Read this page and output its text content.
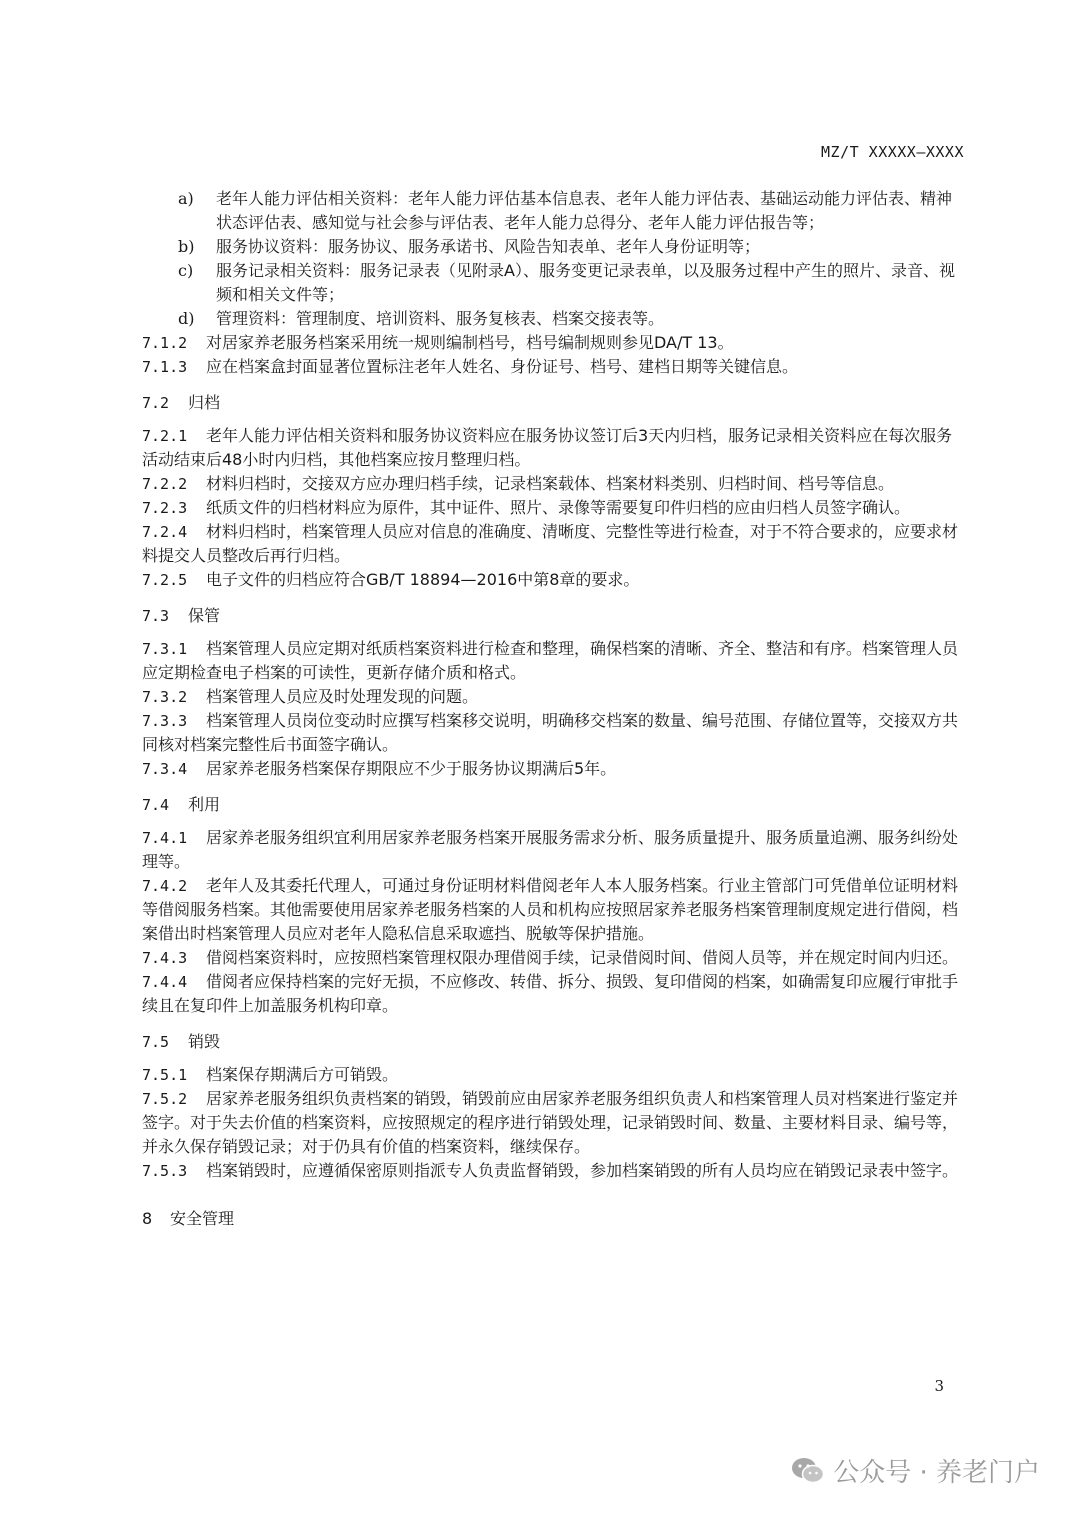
MZ/T XXXXX—XXXX
a) 老年人能力评估相关资料：老年人能力评估基本信息表、老年人能力评估表、基础运动能力评估表、精神状态评估表、感知觉与社会参与评估表、老年人能力总得分、老年人能力评估报告等；
b) 服务协议资料：服务协议、服务承诺书、风险告知表单、老年人身份证明等；
c) 服务记录相关资料：服务记录表（见附录A）、服务变更记录表单，以及服务过程中产生的照片、录音、视频和相关文件等；
d) 管理资料：管理制度、培训资料、服务复核表、档案交接表等。
7.1.2 对居家养老服务档案采用统一规则编制档号，档号编制规则参见DA/T 13。
7.1.3 应在档案盒封面显著位置标注老年人姓名、身份证号、档号、建档日期等关键信息。
7.2 归档
7.2.1 老年人能力评估相关资料和服务协议资料应在服务协议签订后3天内归档，服务记录相关资料应在每次服务活动结束后48小时内归档，其他档案应按月整理归档。
7.2.2 材料归档时，交接双方应办理归档手续，记录档案载体、档案材料类别、归档时间、档号等信息。
7.2.3 纸质文件的归档材料应为原件，其中证件、照片、录像等需要复印件归档的应由归档人员签字确认。
7.2.4 材料归档时，档案管理人员应对信息的准确度、清晰度、完整性等进行检查，对于不符合要求的，应要求材料提交人员整改后再行归档。
7.2.5 电子文件的归档应符合GB/T 18894—2016中第8章的要求。
7.3 保管
7.3.1 档案管理人员应定期对纸质档案资料进行检查和整理，确保档案的清晰、齐全、整洁和有序。档案管理人员应定期检查电子档案的可读性，更新存储介质和格式。
7.3.2 档案管理人员应及时处理发现的问题。
7.3.3 档案管理人员岗位变动时应撰写档案移交说明，明确移交档案的数量、编号范围、存储位置等，交接双方共同核对档案完整性后书面签字确认。
7.3.4 居家养老服务档案保存期限应不少于服务协议期满后5年。
7.4 利用
7.4.1 居家养老服务组织宜利用居家养老服务档案开展服务需求分析、服务质量提升、服务质量追溯、服务纠纷处理等。
7.4.2 老年人及其委托代理人，可通过身份证明材料借阅老年人本人服务档案。行业主管部门可凭借单位证明材料等借阅服务档案。其他需要使用居家养老服务档案的人员和机构应按照居家养老服务档案管理制度规定进行借阅，档案借出时档案管理人员应对老年人隐私信息采取遮挡、脱敏等保护措施。
7.4.3 借阅档案资料时，应按照档案管理权限办理借阅手续，记录借阅时间、借阅人员等，并在规定时间内归还。
7.4.4 借阅者应保持档案的完好无损，不应修改、转借、拆分、损毁、复印借阅的档案，如确需复印应履行审批手续且在复印件上加盖服务机构印章。
7.5 销毁
7.5.1 档案保存期满后方可销毁。
7.5.2 居家养老服务组织负责档案的销毁，销毁前应由居家养老服务组织负责人和档案管理人员对档案进行鉴定并签字。对于失去价值的档案资料，应按照规定的程序进行销毁处理，记录销毁时间、数量、主要材料目录、编号等，并永久保存销毁记录；对于仍具有价值的档案资料，继续保存。
7.5.3 档案销毁时，应遵循保密原则指派专人负责监督销毁，参加档案销毁的所有人员均应在销毁记录表中签字。
8 安全管理
3
公众号 · 养老门户
